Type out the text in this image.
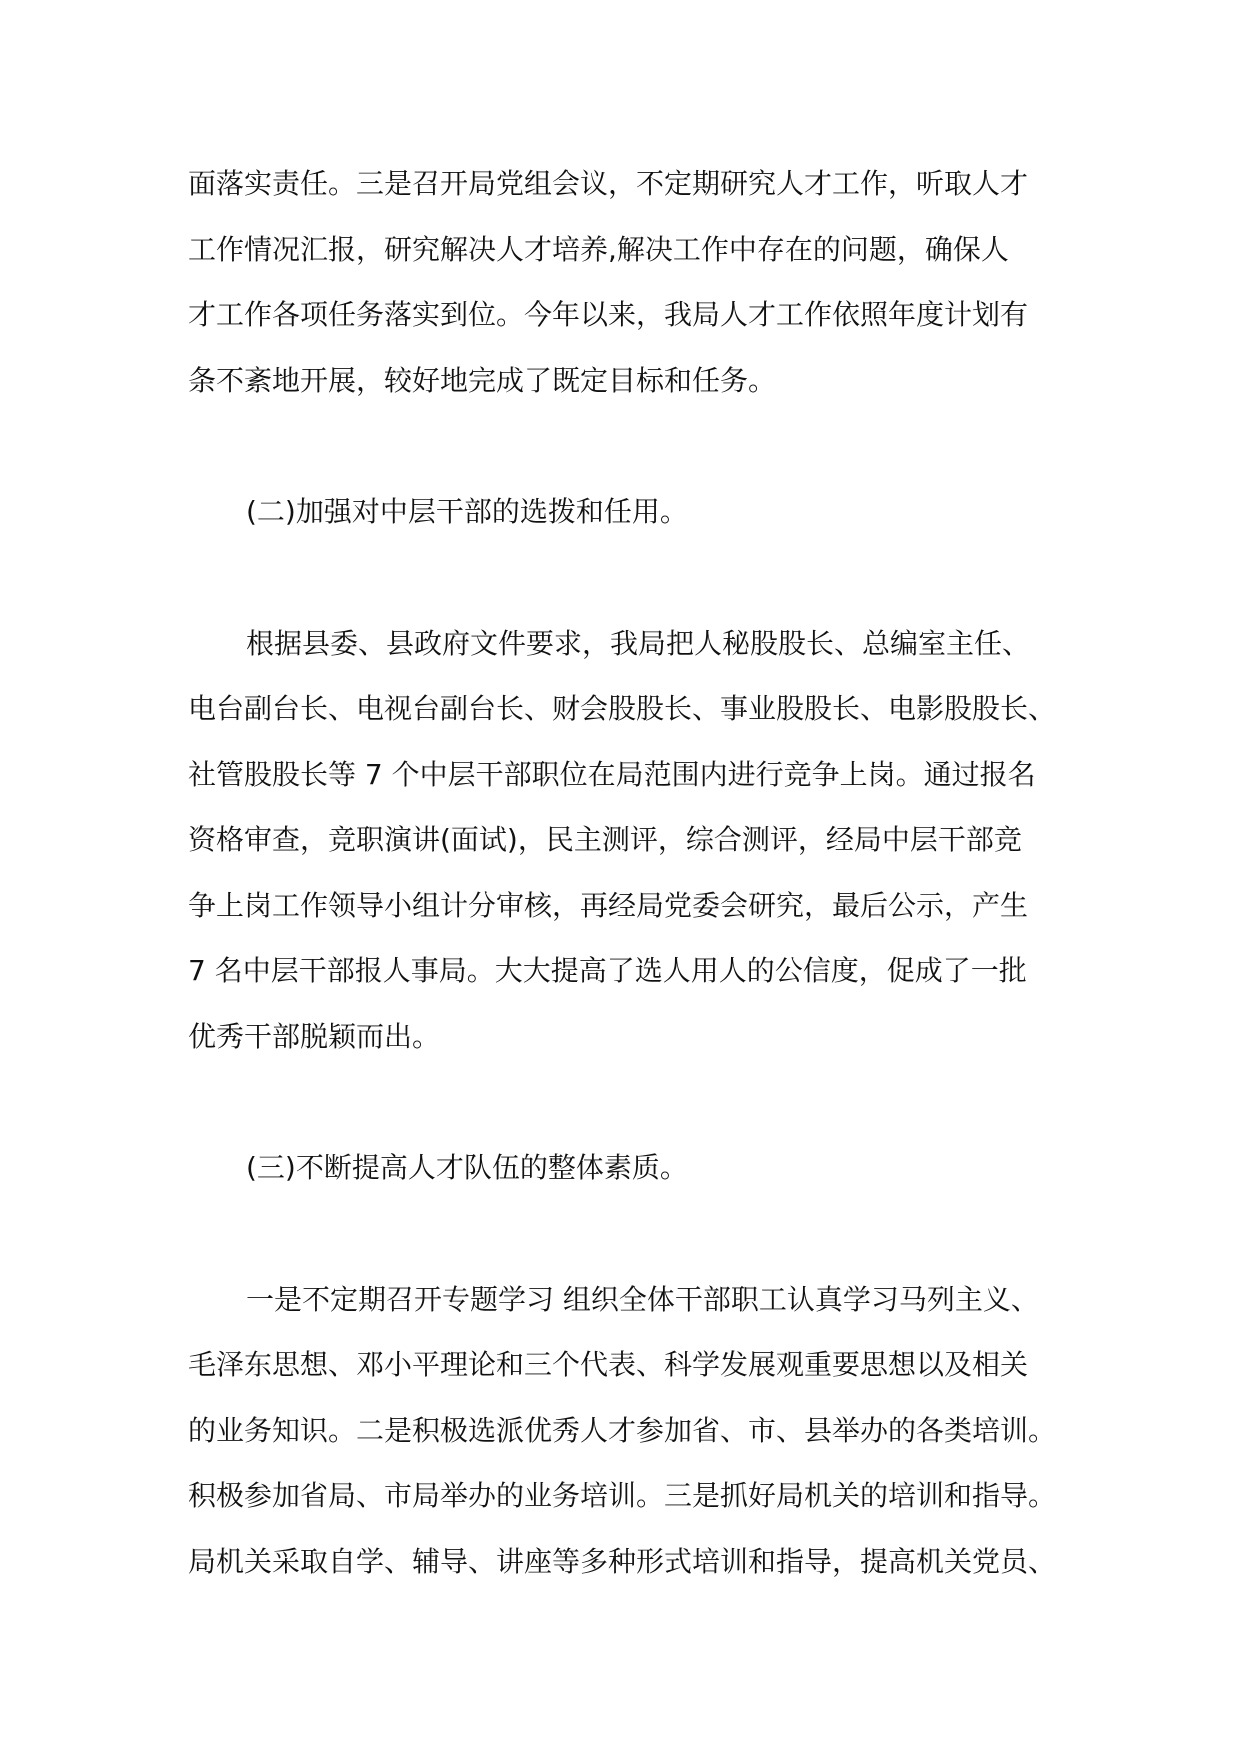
面落实责任。三是召开局党组会议，不定期研究人才工作，听取人才
工作情况汇报，研究解决人才培养,解决工作中存在的问题，确保人
才工作各项任务落实到位。今年以来，我局人才工作依照年度计划有
条不紊地开展，较好地完成了既定目标和任务。
(二)加强对中层干部的选拨和任用。
根据县委、县政府文件要求，我局把人秘股股长、总编室主任、
电台副台长、电视台副台长、财会股股长、事业股股长、电影股股长、
社管股股长等 7 个中层干部职位在局范围内进行竞争上岗。通过报名
资格审查，竞职演讲(面试)，民主测评，综合测评，经局中层干部竞
争上岗工作领导小组计分审核，再经局党委会研究，最后公示，产生
7 名中层干部报人事局。大大提高了选人用人的公信度，促成了一批
优秀干部脱颖而出。
(三)不断提高人才队伍的整体素质。
一是不定期召开专题学习 组织全体干部职工认真学习马列主义、
毛泽东思想、邓小平理论和三个代表、科学发展观重要思想以及相关
的业务知识。二是积极选派优秀人才参加省、市、县举办的各类培训。
积极参加省局、市局举办的业务培训。三是抓好局机关的培训和指导。
局机关采取自学、辅导、讲座等多种形式培训和指导，提高机关党员、
